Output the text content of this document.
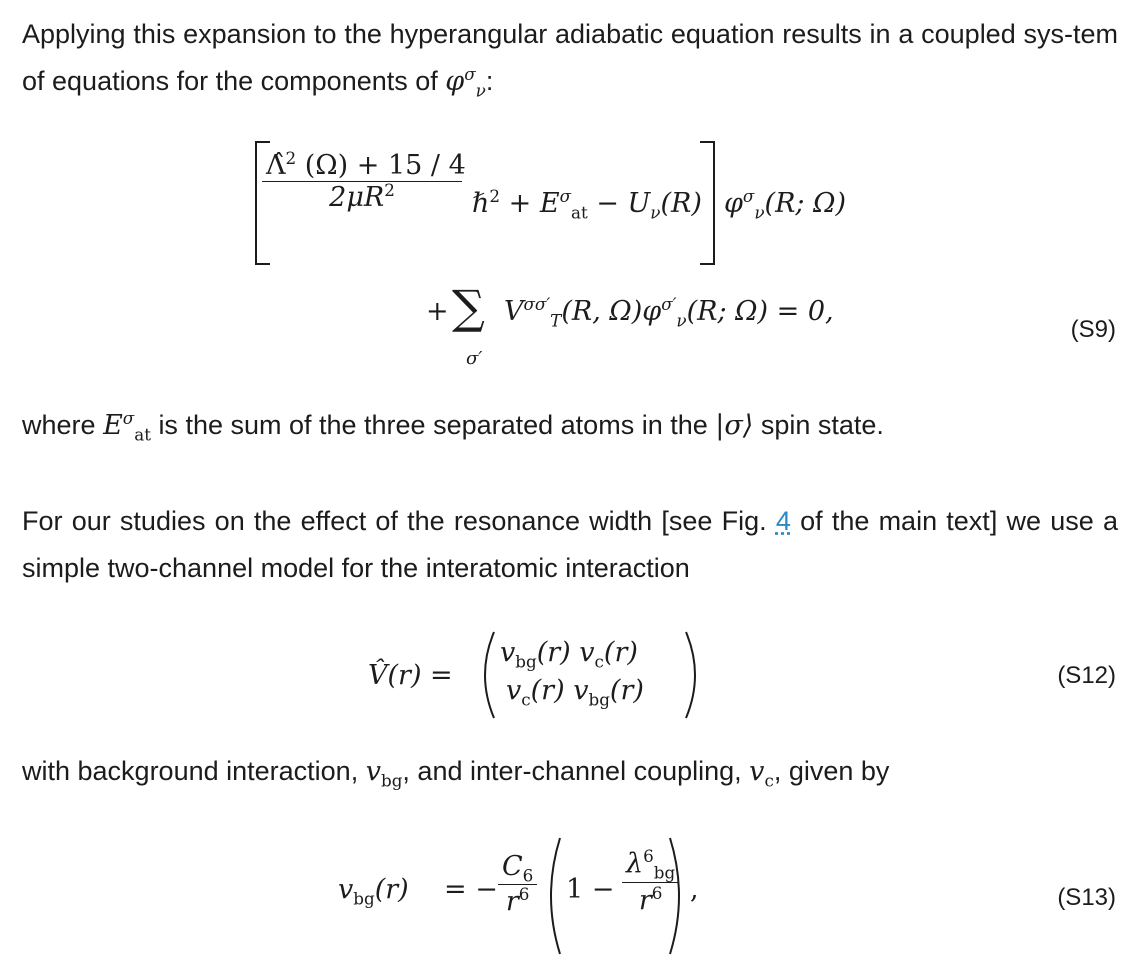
Applying this expansion to the hyperangular adiabatic equation results in a coupled sys-tem of equations for the components of $\varphi^\sigma_\nu$:
$\frac{\Lambdâ^2 (\Omega) + 15 / 4}{2\mu R^2}$ ℏ$^2$ + $E^\sigma_{at} - U_\nu(R)$ $\varphi^\sigma_\nu(R$; Ω)
+ ∑
σ′
$V^{\sigma\sigma'}_T(R$, $\Omega)\varphi^{\sigma'}_\nu(R$; Ω) = 0,
(S9)
where $E^\sigma_{at}$ is the sum of the three separated atoms in the |σ⟩ spin state.
For our studies on the effect of the resonance width [see Fig. 4 of the main text] we use a simple two-channel model for the interatomic interaction
V̂(r) =
$v_{bg}(r)$ $v_c(r)$
$v_c(r)$ $v_{bg}(r)$	(S12)
with background interaction, $v_{bg}$, and inter-channel coupling, $v_c$, given by
$v_{bg}(r)$ = − $\frac{C_6}{r^6} 1 - \frac{\lambda^6_{bg}}{r^6}$ ,	(S13)
